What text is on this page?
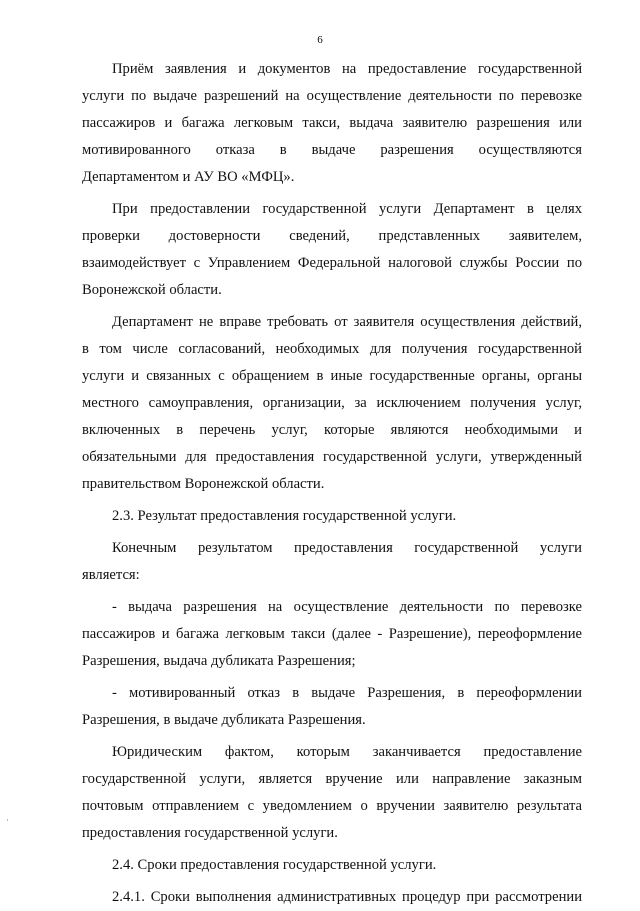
6
Приём заявления и документов на предоставление государственной
услуги по выдаче разрешений на осуществление деятельности по перевозке
пассажиров и багажа легковым такси, выдача заявителю разрешения или
мотивированного отказа в выдаче разрешения осуществляются
Департаментом и АУ ВО «МФЦ».
При предоставлении государственной услуги Департамент в целях
проверки достоверности сведений, представленных заявителем,
взаимодействует с Управлением Федеральной налоговой службы России по
Воронежской области.
Департамент не вправе требовать от заявителя осуществления действий,
в том числе согласований, необходимых для получения государственной
услуги и связанных с обращением в иные государственные органы, органы
местного самоуправления, организации, за исключением получения услуг,
включенных в перечень услуг, которые являются необходимыми и
обязательными для предоставления государственной услуги, утвержденный
правительством Воронежской области.
2.3. Результат предоставления государственной услуги.
Конечным результатом предоставления государственной услуги
является:
- выдача разрешения на осуществление деятельности по перевозке
пассажиров и багажа легковым такси (далее - Разрешение), переоформление
Разрешения, выдача дубликата Разрешения;
- мотивированный отказ в выдаче Разрешения, в переоформлении
Разрешения, в выдаче дубликата Разрешения.
Юридическим фактом, которым заканчивается предоставление
государственной услуги, является вручение или направление заказным
почтовым отправлением с уведомлением о вручении заявителю результата
предоставления государственной услуги.
2.4. Сроки предоставления государственной услуги.
2.4.1. Сроки выполнения административных процедур при рассмотрении
